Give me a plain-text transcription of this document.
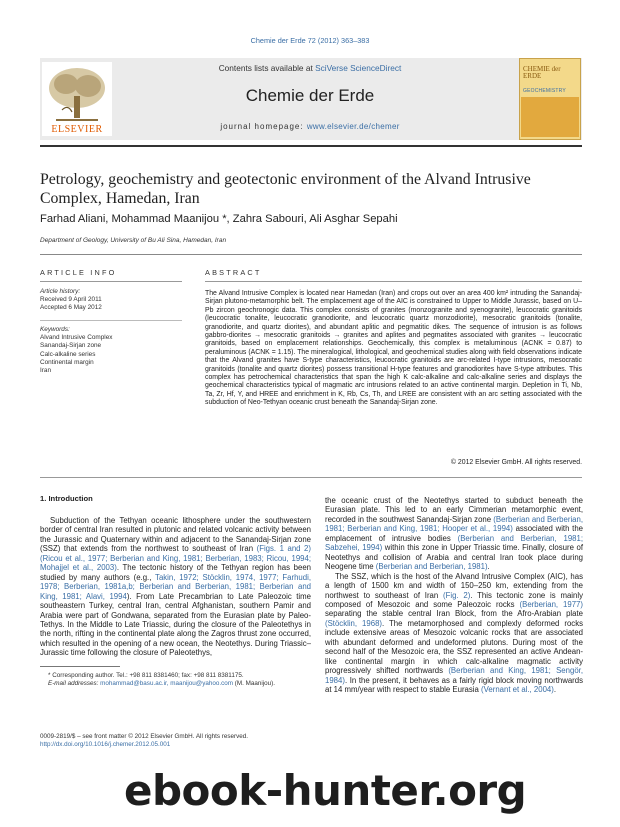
Chemie der Erde 72 (2012) 363–383
ELSEVIER
Contents lists available at SciVerse ScienceDirect
Chemie der Erde
journal homepage: www.elsevier.de/chemer
CHEMIE der ERDE
GEOCHEMISTRY
Petrology, geochemistry and geotectonic environment of the Alvand Intrusive Complex, Hamedan, Iran
Farhad Aliani, Mohammad Maanijou *, Zahra Sabouri, Ali Asghar Sepahi
Department of Geology, University of Bu Ali Sina, Hamedan, Iran
ARTICLE INFO	ABSTRACT
Article history:
Received 9 April 2011
Accepted 6 May 2012
Keywords:
Alvand Intrusive Complex
Sanandaj-Sirjan zone
Calc-alkaline series
Continental margin
Iran
The Alvand Intrusive Complex is located near Hamedan (Iran) and crops out over an area 400 km² intruding the Sanandaj-Sirjan plutono-metamorphic belt. The emplacement age of the AIC is constrained to Upper to Middle Jurassic, based on U–Pb zircon geochronogic data. This complex consists of granites (monzogranite and syenogranite), leucocratic granitoids (leucocratic tonalite, leucocratic granodiorite, and leucocratic quartz monzodiorite), mesocratic granitoids (tonalite, granodiorite, and quartz diorites), and abundant aplitic and pegmatitic dikes. The sequence of intrusion is as follows gabbro-diorites → mesocratic granitoids → granites and aplites and pegmatites associated with granites → leucocratic granitoids, based on emplacement relationships. Geochemically, this complex is metaluminous (ACNK = 0.87) to peraluminous (ACNK = 1.15). The mineralogical, lithological, and geochemical studies along with field observations indicate that the Alvand granites have S-type characteristics, leucocratic granitoids are arc-related I-type intrusions, mesocratic granitoids (tonalite and quartz diorites) possess transitional H-type features and granodiorites have S-type attributes. This complex has petrochemical characteristics that span the high K calc-alkaline and calc-alkaline series and displays the geochemical characteristics typical of magmatic arc intrusions related to an active continental margin. Depletion in Ti, Nb, Ta, Zr, Hf, Y, and HREE and enrichment in K, Rb, Cs, Th, and LREE are consistent with an arc setting associated with the subduction of Neo-Tethyan oceanic crust beneath the Sanandaj-Sirjan zone.
© 2012 Elsevier GmbH. All rights reserved.
1. Introduction
Subduction of the Tethyan oceanic lithosphere under the southwestern border of central Iran resulted in plutonic and related volcanic activity between the Jurassic and Quaternary within and adjacent to the Sanandaj-Sirjan zone (SSZ) that extends from the northwest to southeast of Iran (Figs. 1 and 2) (Ricou et al., 1977; Berberian and King, 1981; Berberian, 1983; Ricou, 1994; Mohajjel et al., 2003). The tectonic history of the Tethyan region has been studied by many authors (e.g., Takin, 1972; Stöcklin, 1974, 1977; Farhudi, 1978; Berberian, 1981a,b; Berberian and Berberian, 1981; Berberian and King, 1981; Alavi, 1994). From Late Precambrian to Late Paleozoic time southeastern Turkey, central Iran, central Afghanistan, southern Pamir and Arabia were part of Gondwana, separated from the Eurasian plate by Paleo-Tethys. In the Middle to Late Triassic, during the closure of the Paleotethys in the north, rifting in the continental plate along the Zagros thrust zone occurred, which resulted in the opening of a new ocean, the Neotethys. During Triassic–Jurassic time following the closure of Paleotethys,

the oceanic crust of the Neotethys started to subduct beneath the Eurasian plate. This led to an early Cimmerian metamorphic event, recorded in the southwest Sanandaj-Sirjan zone (Berberian and Berberian, 1981; Berberian and King, 1981; Hooper et al., 1994) associated with the emplacement of intrusive bodies (Berberian and Berberian, 1981; Sabzehei, 1994) within this zone in Upper Triassic time. Finally, closure of Neotethys and collision of Arabia and central Iran took place during Neogene time (Berberian and Berberian, 1981).

The SSZ, which is the host of the Alvand Intrusive Complex (AIC), has a length of 1500 km and width of 150–250 km, extending from the northwest to southeast of Iran (Fig. 2). This tectonic zone is mainly composed of Mesozoic and some Paleozoic rocks (Berberian, 1977) separating the stable central Iran Block, from the Afro-Arabian plate (Stöcklin, 1968). The metamorphosed and complexly deformed rocks include extensive areas of Mesozoic volcanic rocks that are associated with abundant deformed and undeformed plutons. During most of the second half of the Mesozoic era, the SSZ represented an active Andean-like continental margin in which calc-alkaline magmatic activity progressively shifted northwards (Berberian and King, 1981; Sengör, 1984). In the present, it behaves as a fairly rigid block moving northwards at 14 mm/year with respect to stable Eurasia (Vernant et al., 2004).

* Corresponding author. Tel.: +98 811 8381460; fax: +98 811 8381175.
E-mail addresses: mohammad@basu.ac.ir, maanijou@yahoo.com (M. Maanijou).
0009-2819/$ – see front matter © 2012 Elsevier GmbH. All rights reserved.
http://dx.doi.org/10.1016/j.chemer.2012.05.001
ebook-hunter.org
